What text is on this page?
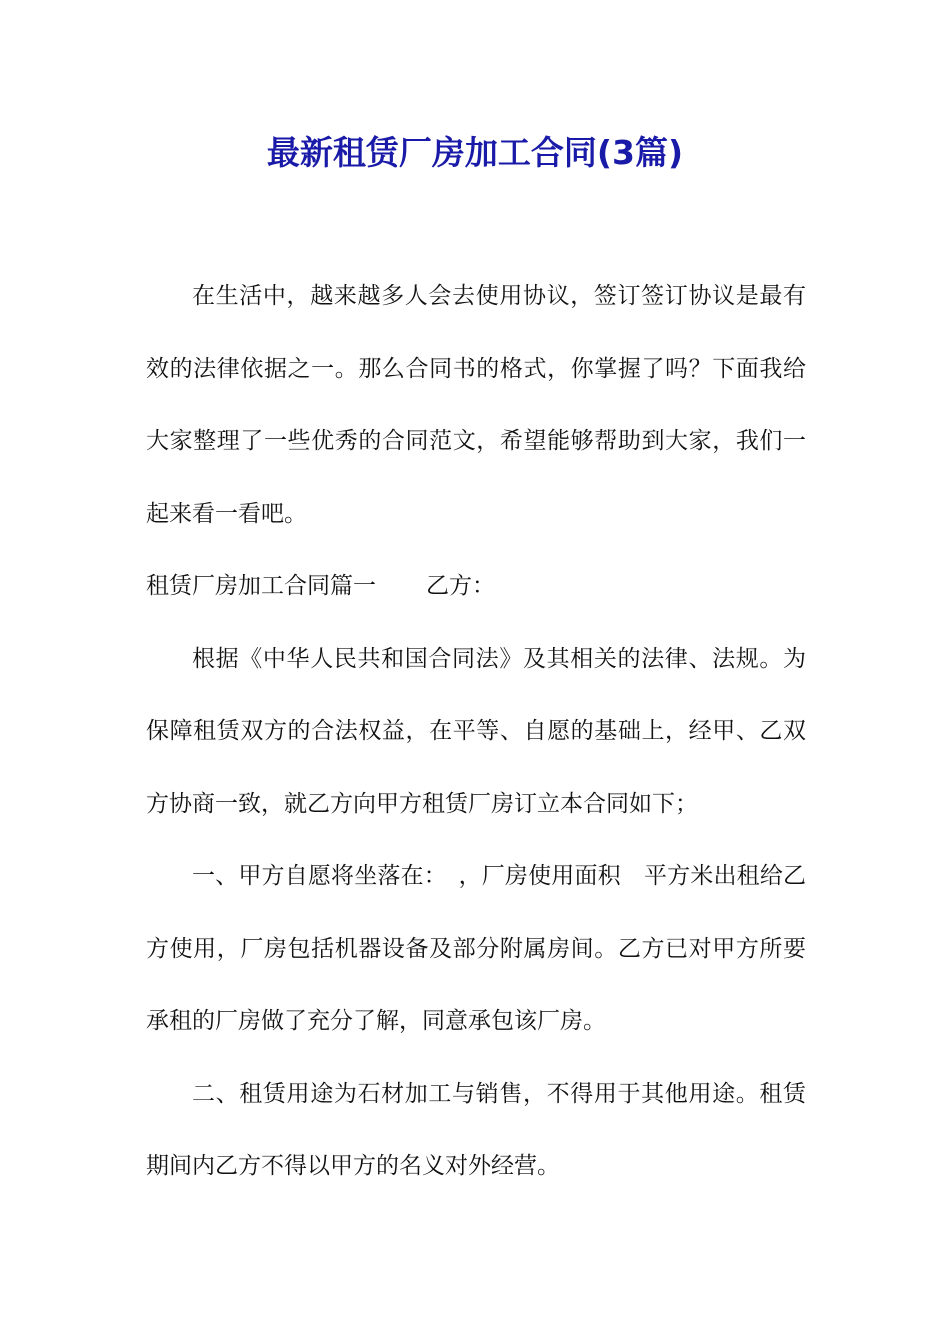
最新租赁厂房加工合同(3篇)

在生活中，越来越多人会去使用协议，签订签订协议是最有效的法律依据之一。那么合同书的格式，你掌握了吗？下面我给大家整理了一些优秀的合同范文，希望能够帮助到大家，我们一起来看一看吧。

租赁厂房加工合同篇一 乙方：

根据《中华人民共和国合同法》及其相关的法律、法规。为保障租赁双方的合法权益，在平等、自愿的基础上，经甲、乙双方协商一致，就乙方向甲方租赁厂房订立本合同如下；

一、甲方自愿将坐落在：　，厂房使用面积　平方米出租给乙方使用，厂房包括机器设备及部分附属房间。乙方已对甲方所要承租的厂房做了充分了解，同意承包该厂房。

二、租赁用途为石材加工与销售，不得用于其他用途。租赁期间内乙方不得以甲方的名义对外经营。
